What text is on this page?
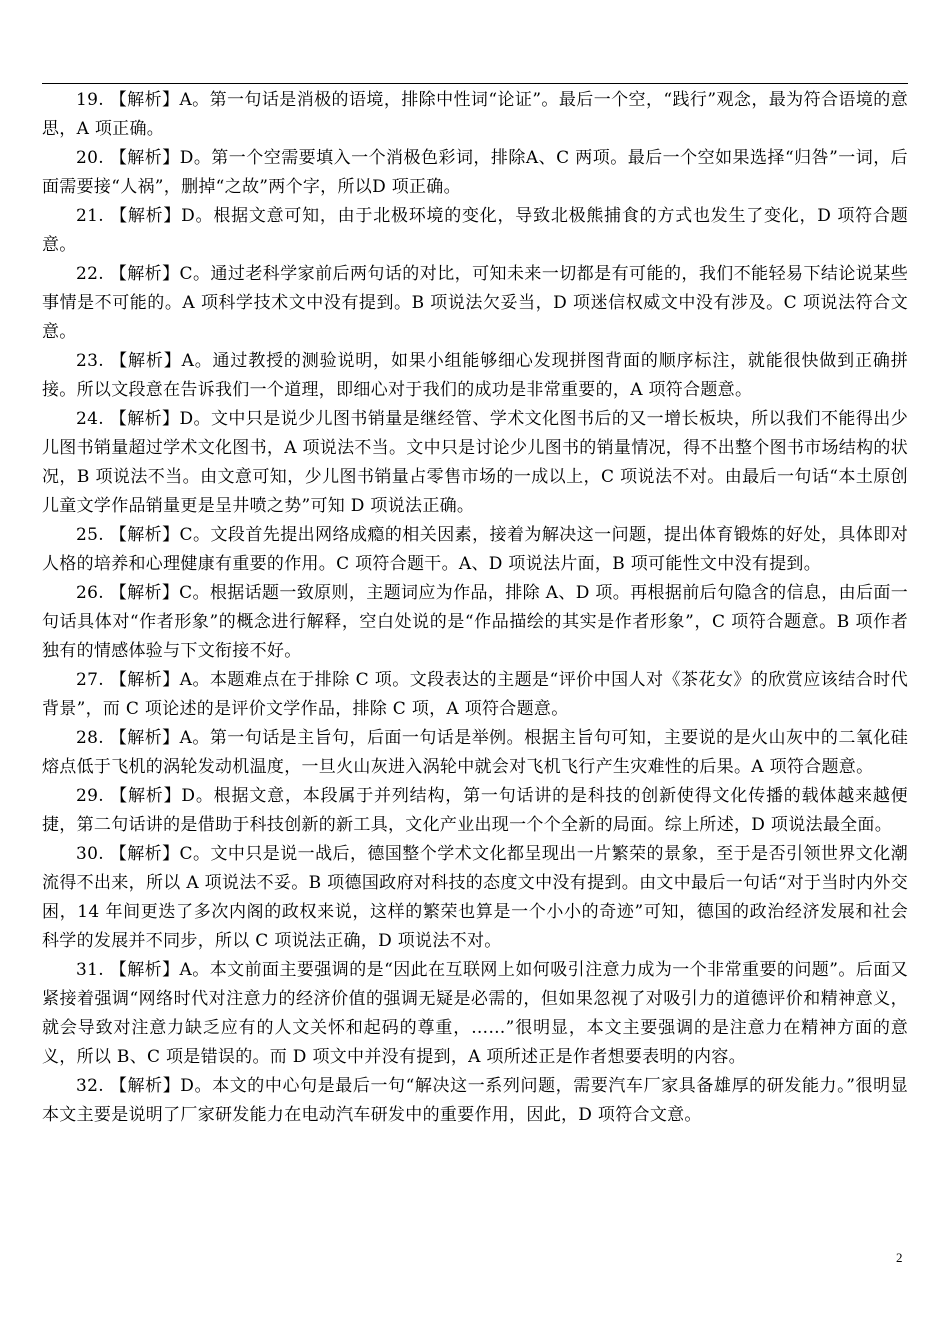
19. 【解析】A。第一句话是消极的语境，排除中性词“论证”。最后一个空，“践行”观念，最为符合语境的意思，A 项正确。

20. 【解析】D。第一个空需要填入一个消极色彩词，排除A、C 两项。最后一个空如果选择“归咎”一词，后面需要接“人祸”，删掉“之故”两个字，所以D 项正确。

21. 【解析】D。根据文意可知，由于北极环境的变化，导致北极熊捕食的方式也发生了变化，D 项符合题意。

22. 【解析】C。通过老科学家前后两句话的对比，可知未来一切都是有可能的，我们不能轻易下结论说某些事情是不可能的。A 项科学技术文中没有提到。B 项说法欠妥当，D 项迷信权威文中没有涉及。C 项说法符合文意。

23. 【解析】A。通过教授的测验说明，如果小组能够细心发现拼图背面的顺序标注，就能很快做到正确拼接。所以文段意在告诉我们一个道理，即细心对于我们的成功是非常重要的，A 项符合题意。

24. 【解析】D。文中只是说少儿图书销量是继经管、学术文化图书后的又一增长板块，所以我们不能得出少儿图书销量超过学术文化图书，A 项说法不当。文中只是讨论少儿图书的销量情况，得不出整个图书市场结构的状况，B 项说法不当。由文意可知，少儿图书销量占零售市场的一成以上，C 项说法不对。由最后一句话“本土原创儿童文学作品销量更是呈井喷之势”可知 D 项说法正确。

25. 【解析】C。文段首先提出网络成瘾的相关因素，接着为解决这一问题，提出体育锻炼的好处，具体即对人格的培养和心理健康有重要的作用。C 项符合题干。A、D 项说法片面，B 项可能性文中没有提到。

26. 【解析】C。根据话题一致原则，主题词应为作品，排除 A、D 项。再根据前后句隐含的信息，由后面一句话具体对“作者形象”的概念进行解释，空白处说的是“作品描绘的其实是作者形象”，C 项符合题意。B 项作者独有的情感体验与下文衔接不好。

27. 【解析】A。本题难点在于排除 C 项。文段表达的主题是“评价中国人对《茶花女》的欣赏应该结合时代背景”，而 C 项论述的是评价文学作品，排除 C 项，A 项符合题意。

28. 【解析】A。第一句话是主旨句，后面一句话是举例。根据主旨句可知，主要说的是火山灰中的二氧化硅熔点低于飞机的涡轮发动机温度，一旦火山灰进入涡轮中就会对飞机飞行产生灾难性的后果。A 项符合题意。

29. 【解析】D。根据文意，本段属于并列结构，第一句话讲的是科技的创新使得文化传播的载体越来越便捷，第二句话讲的是借助于科技创新的新工具，文化产业出现一个个全新的局面。综上所述，D 项说法最全面。

30. 【解析】C。文中只是说一战后，德国整个学术文化都呈现出一片繁荣的景象，至于是否引领世界文化潮流得不出来，所以 A 项说法不妥。B 项德国政府对科技的态度文中没有提到。由文中最后一句话“对于当时内外交困，14 年间更迭了多次内阁的政权来说，这样的繁荣也算是一个小小的奇迹”可知，德国的政治经济发展和社会科学的发展并不同步，所以 C 项说法正确，D 项说法不对。

31. 【解析】A。本文前面主要强调的是“因此在互联网上如何吸引注意力成为一个非常重要的问题”。后面又紧接着强调“网络时代对注意力的经济价值的强调无疑是必需的，但如果忽视了对吸引力的道德评价和精神意义，就会导致对注意力缺乏应有的人文关怀和起码的尊重，……”很明显，本文主要强调的是注意力在精神方面的意义，所以 B、C 项是错误的。而 D 项文中并没有提到，A 项所述正是作者想要表明的内容。

32. 【解析】D。本文的中心句是最后一句“解决这一系列问题，需要汽车厂家具备雄厚的研发能力。”很明显本文主要是说明了厂家研发能力在电动汽车研发中的重要作用，因此，D 项符合文意。

2
